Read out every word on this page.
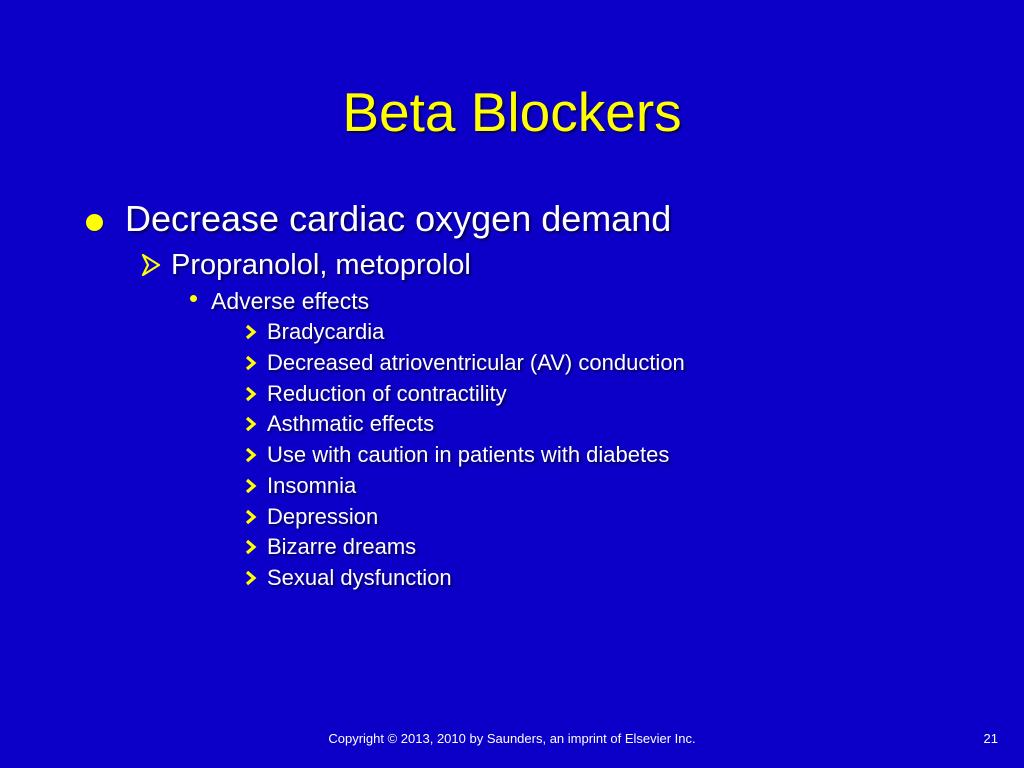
Beta Blockers
Decrease cardiac oxygen demand
Propranolol, metoprolol
Adverse effects
Bradycardia
Decreased atrioventricular (AV) conduction
Reduction of contractility
Asthmatic effects
Use with caution in patients with diabetes
Insomnia
Depression
Bizarre dreams
Sexual dysfunction
Copyright © 2013, 2010 by Saunders, an imprint of Elsevier Inc.	21
